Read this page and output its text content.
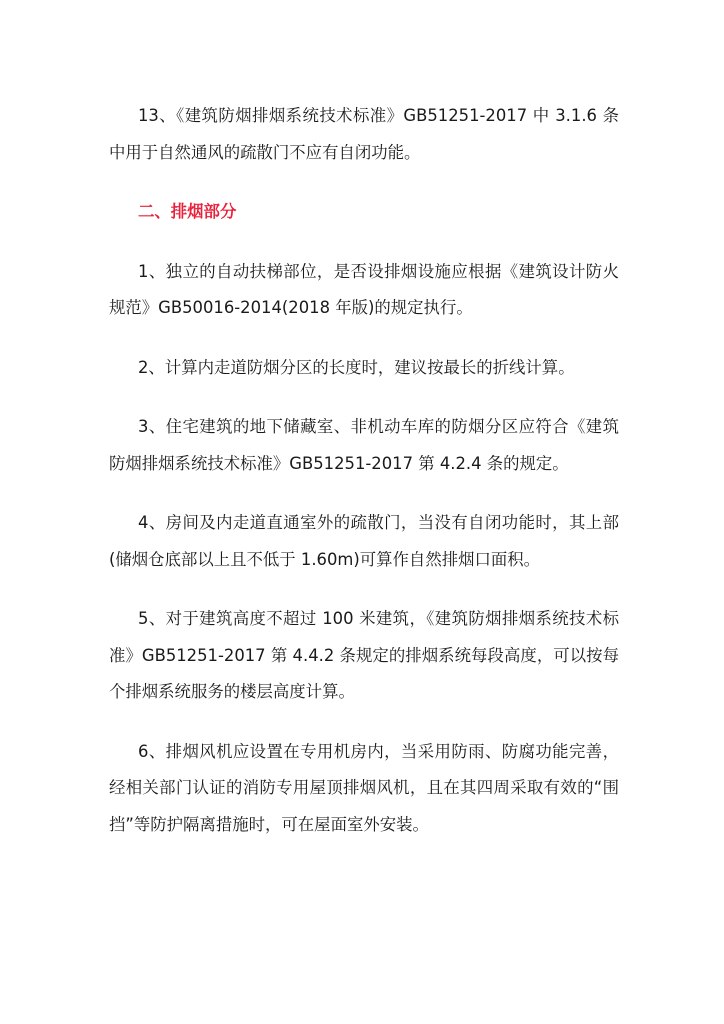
13、《建筑防烟排烟系统技术标准》GB51251-2017 中 3.1.6 条中用于自然通风的疏散门不应有自闭功能。

二、排烟部分

1、独立的自动扶梯部位，是否设排烟设施应根据《建筑设计防火规范》GB50016-2014(2018 年版)的规定执行。

2、计算内走道防烟分区的长度时，建议按最长的折线计算。

3、住宅建筑的地下储藏室、非机动车库的防烟分区应符合《建筑防烟排烟系统技术标准》GB51251-2017 第 4.2.4 条的规定。

4、房间及内走道直通室外的疏散门，当没有自闭功能时，其上部(储烟仓底部以上且不低于 1.60m)可算作自然排烟口面积。

5、对于建筑高度不超过 100 米建筑，《建筑防烟排烟系统技术标准》GB51251-2017 第 4.4.2 条规定的排烟系统每段高度，可以按每个排烟系统服务的楼层高度计算。

6、排烟风机应设置在专用机房内，当采用防雨、防腐功能完善，经相关部门认证的消防专用屋顶排烟风机，且在其四周采取有效的“围挡”等防护隔离措施时，可在屋面室外安装。
